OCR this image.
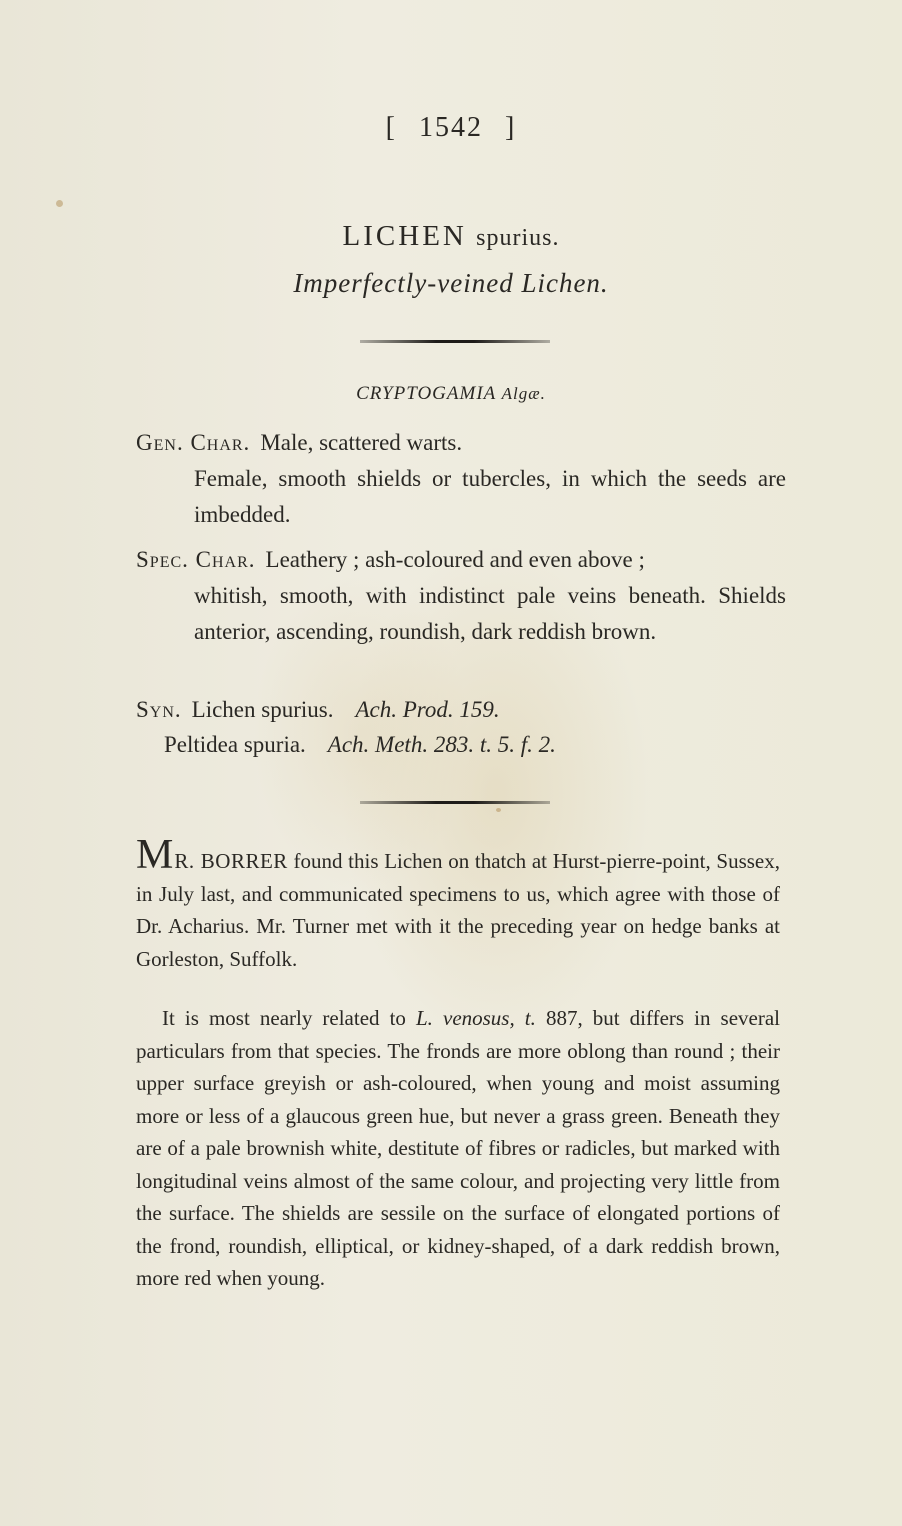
[ 1542 ]
LICHEN spurius.
Imperfectly-veined Lichen.
CRYPTOGAMIA Algæ.
Gen. Char. Male, scattered warts.
Female, smooth shields or tubercles, in which the seeds are imbedded.
Spec. Char. Leathery ; ash-coloured and even above ;
whitish, smooth, with indistinct pale veins beneath. Shields anterior, ascending, roundish, dark reddish brown.
Syn. Lichen spurius. Ach. Prod. 159.
Peltidea spuria. Ach. Meth. 283. t. 5. f. 2.
MR. BORRER found this Lichen on thatch at Hurst-pierre-point, Sussex, in July last, and communicated specimens to us, which agree with those of Dr. Acharius. Mr. Turner met with it the preceding year on hedge banks at Gorleston, Suffolk.
It is most nearly related to L. venosus, t. 887, but differs in several particulars from that species. The fronds are more oblong than round ; their upper surface greyish or ash-coloured, when young and moist assuming more or less of a glaucous green hue, but never a grass green. Beneath they are of a pale brownish white, destitute of fibres or radicles, but marked with longitudinal veins almost of the same colour, and projecting very little from the surface. The shields are sessile on the surface of elongated portions of the frond, roundish, elliptical, or kidney-shaped, of a dark reddish brown, more red when young.
